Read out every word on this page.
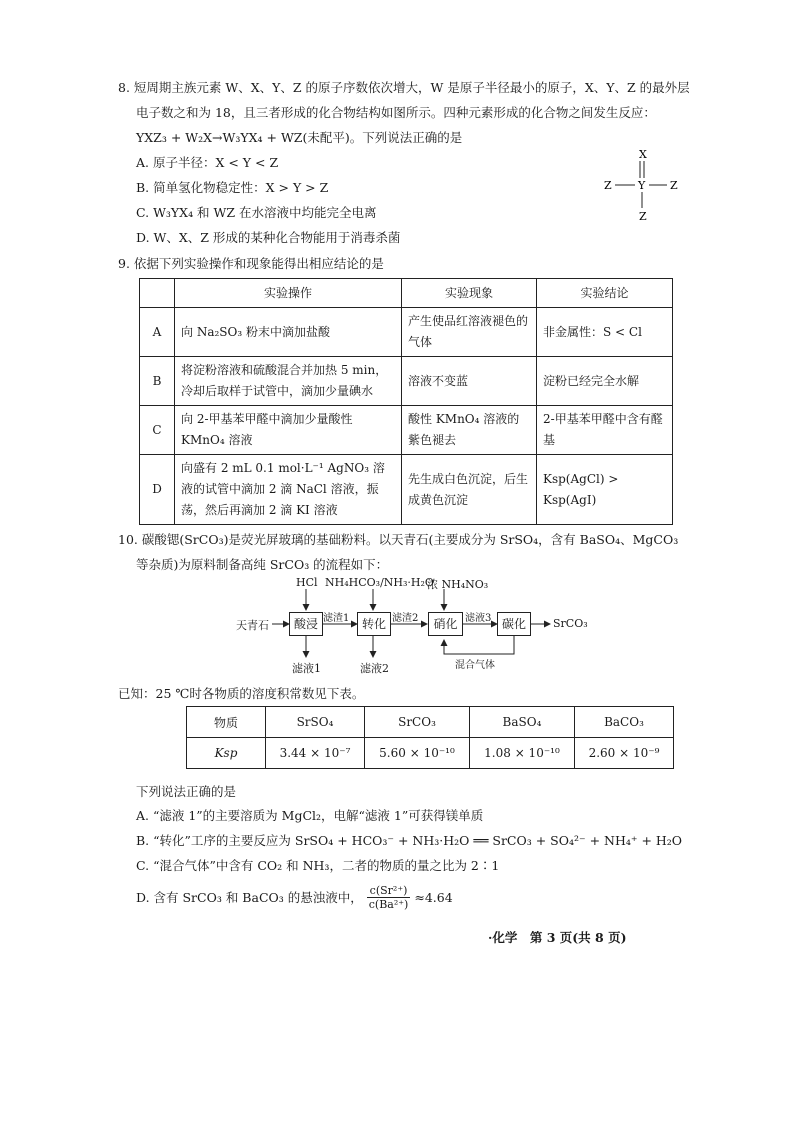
8. 短周期主族元素 W、X、Y、Z 的原子序数依次增大，W 是原子半径最小的原子，X、Y、Z 的最外层
电子数之和为 18，且三者形成的化合物结构如图所示。四种元素形成的化合物之间发生反应：
YXZ₃ + W₂X→W₃YX₄ + WZ(未配平)。下列说法正确的是
A. 原子半径：X < Y < Z
B. 简单氢化物稳定性：X > Y > Z
C. W₃YX₄ 和 WZ 在水溶液中均能完全电离
D. W、X、Z 形成的某种化合物能用于消毒杀菌
X
Z Y Z
Z
9. 依据下列实验操作和现象能得出相应结论的是
	实验操作	实验现象	实验结论
A	向 Na₂SO₃ 粉末中滴加盐酸	产生使品红溶液褪色的气体	非金属性：S < Cl
B	将淀粉溶液和硫酸混合并加热 5 min，冷却后取样于试管中，滴加少量碘水	溶液不变蓝	淀粉已经完全水解
C	向 2-甲基苯甲醛中滴加少量酸性 KMnO₄ 溶液	酸性 KMnO₄ 溶液的紫色褪去	2-甲基苯甲醛中含有醛基
D	向盛有 2 mL 0.1 mol·L⁻¹ AgNO₃ 溶液的试管中滴加 2 滴 NaCl 溶液，振荡，然后再滴加 2 滴 KI 溶液	先生成白色沉淀，后生成黄色沉淀	Ksp(AgCl) > Ksp(AgI)
10. 碳酸锶(SrCO₃)是荧光屏玻璃的基础粉料。以天青石(主要成分为 SrSO₄，含有 BaSO₄、MgCO₃
等杂质)为原料制备高纯 SrCO₃ 的流程如下：
天青石	酸浸	转化	硝化	碳化	SrCO₃
HCl NH₄HCO₃/NH₃·H₂O
浓 NH₄NO₃
滤渣1	滤渣2	滤液3
滤液1	滤液2	混合气体
已知：25 ℃时各物质的溶度积常数见下表。
物质	SrSO₄	SrCO₃	BaSO₄	BaCO₃
Ksp	3.44 × 10⁻⁷	5.60 × 10⁻¹⁰	1.08 × 10⁻¹⁰	2.60 × 10⁻⁹
下列说法正确的是
A. “滤液 1”的主要溶质为 MgCl₂，电解“滤液 1”可获得镁单质
B. “转化”工序的主要反应为 SrSO₄ + HCO₃⁻ + NH₃·H₂O ══ SrCO₃ + SO₄²⁻ + NH₄⁺ + H₂O
C. “混合气体”中含有 CO₂ 和 NH₃，二者的物质的量之比为 2∶1
D. 含有 SrCO₃ 和 BaCO₃ 的悬浊液中， $\frac{\text{c(Sr²⁺)}}{\text{c(Ba²⁺)}} \approx 4.64$
·化学　第 3 页(共 8 页)
